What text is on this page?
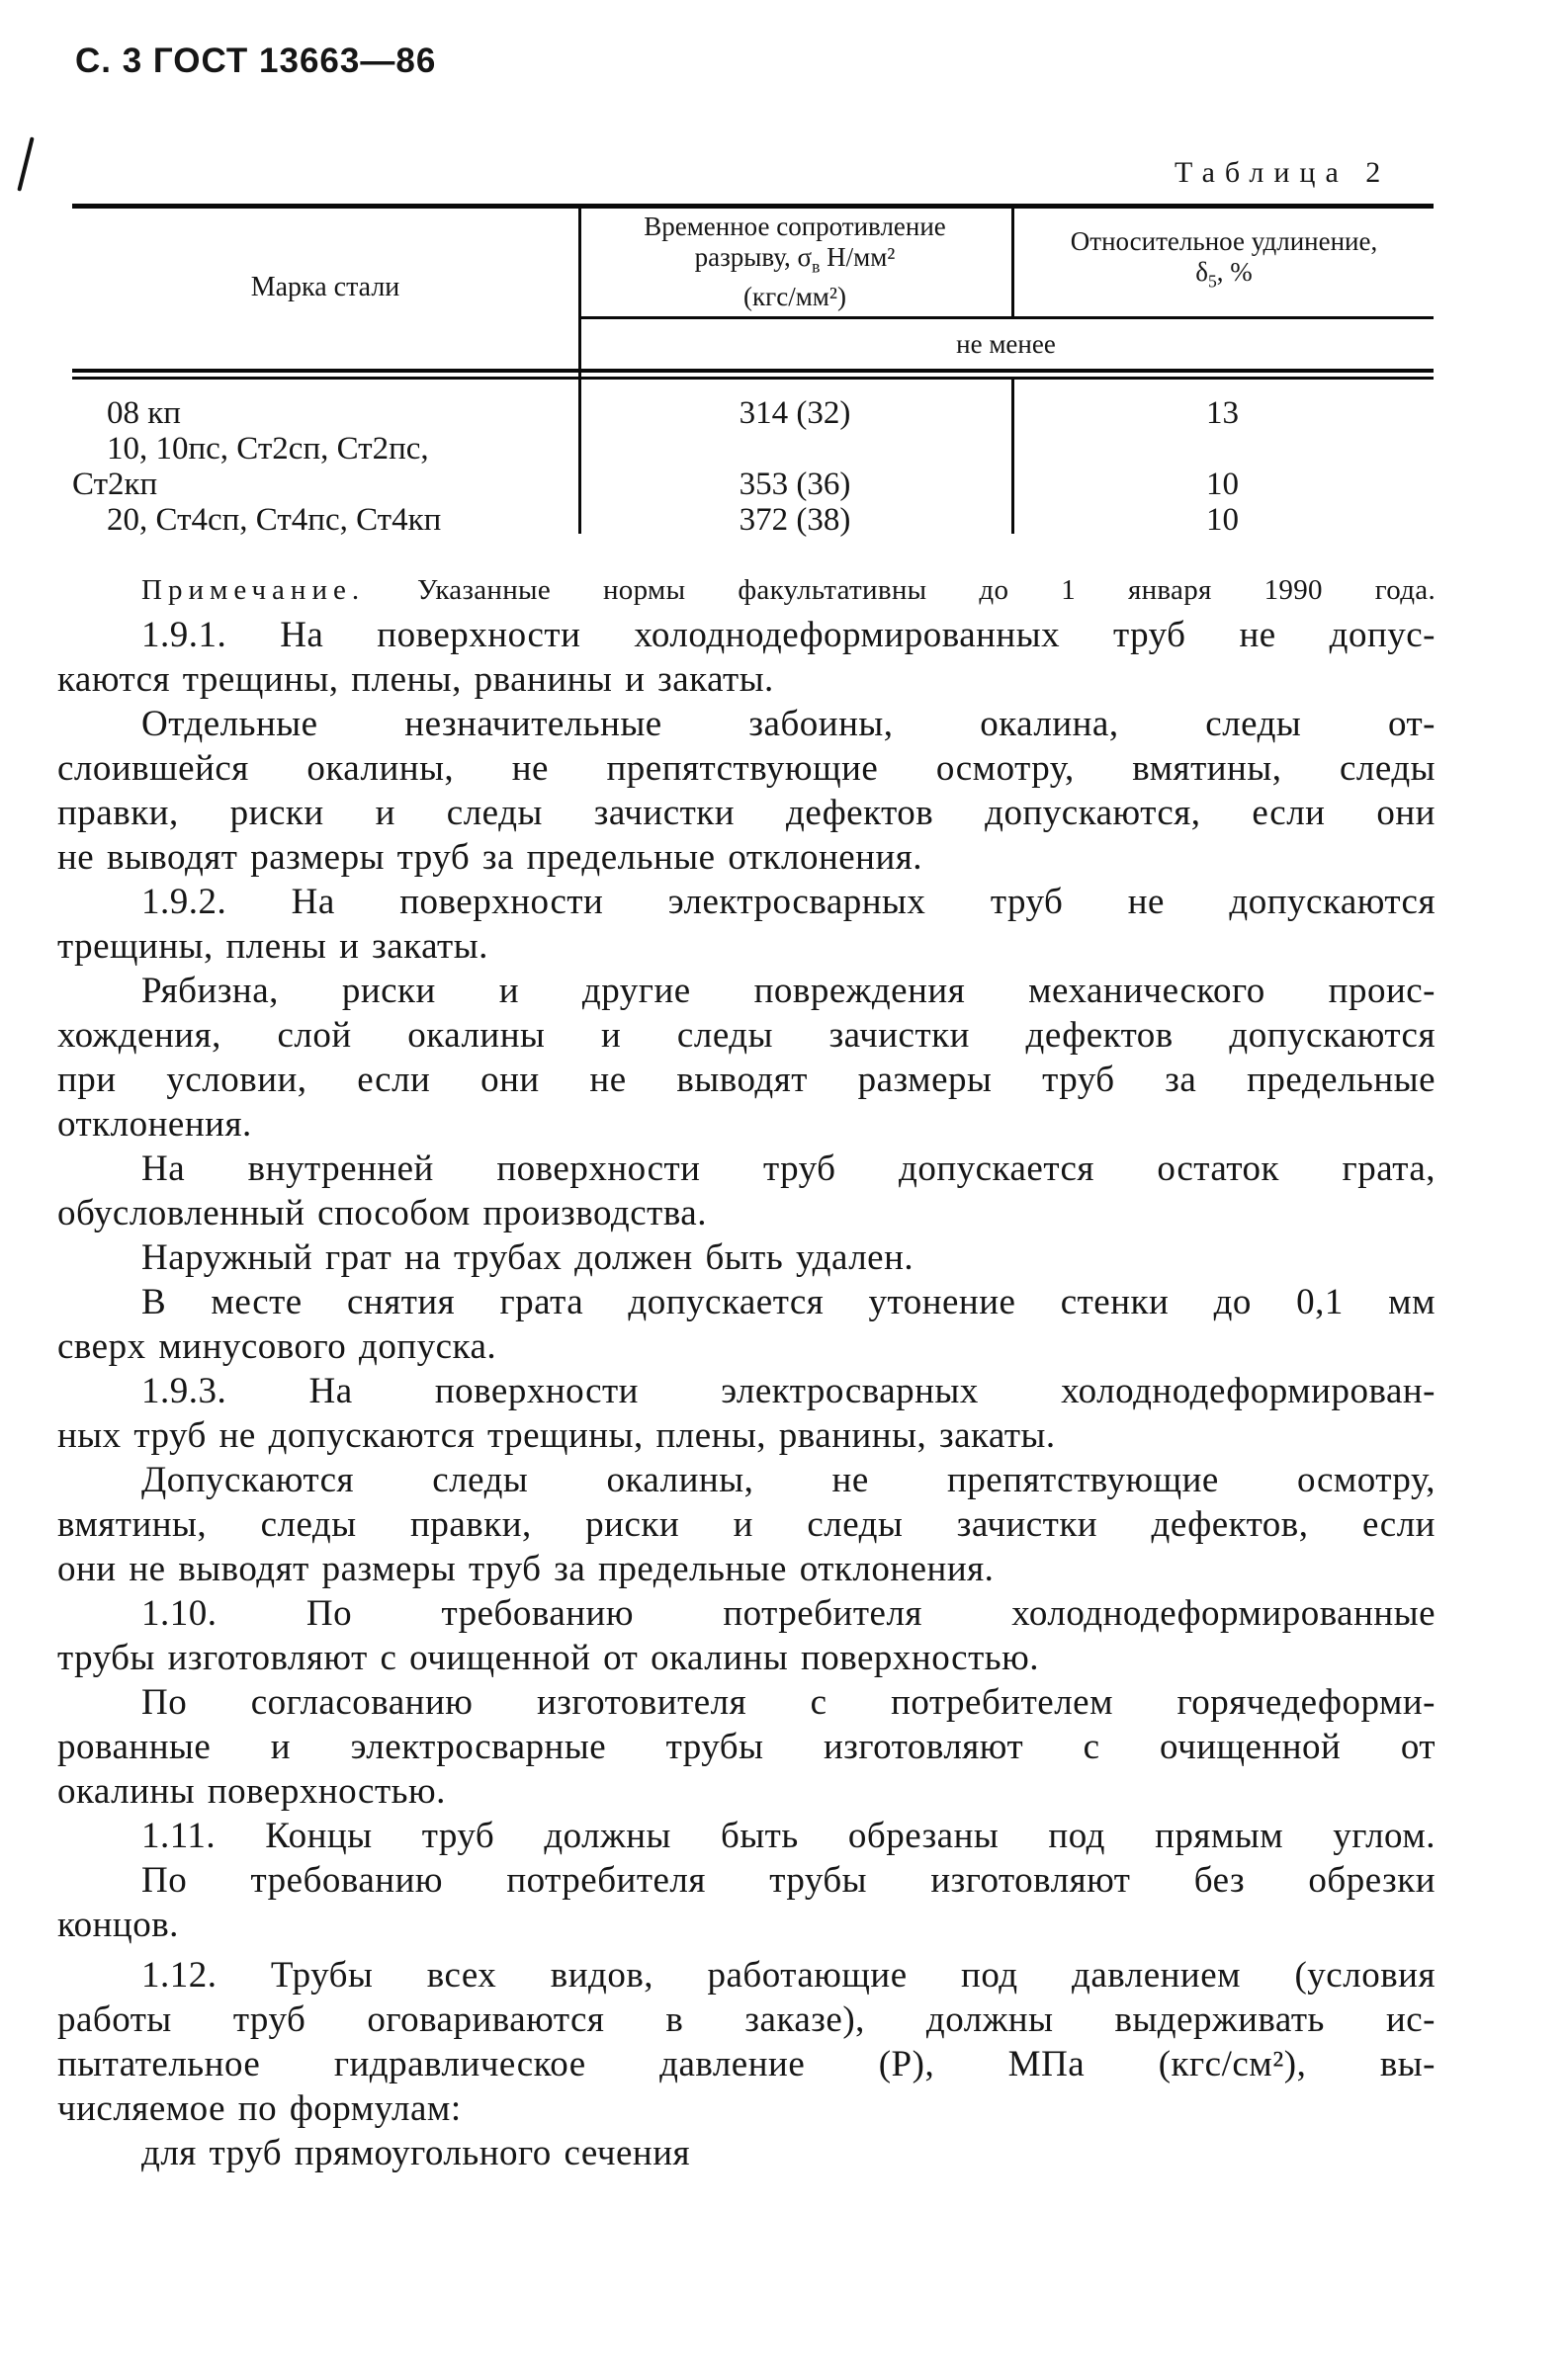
С. 3 ГОСТ 13663—86
Таблица 2
Марка стали
Временное сопротивление
разрыву, $\sigma_в$ Н/мм²
(кгс/мм²)
Относительное удлинение,
$\delta_5$, %
не менее
08 кп	314 (32)	13
10, 10пс, Ст2сп, Ст2пс,
Ст2кп	353 (36)	10
20, Ст4сп, Ст4пс, Ст4кп	372 (38)	10
Примечание. Указанные нормы факультативны до 1 января 1990 года.
1.9.1. На поверхности холоднодеформированных труб не допус-
каются трещины, плены, рванины и закаты.
Отдельные незначительные забоины, окалина, следы от-
слоившейся окалины, не препятствующие осмотру, вмятины, следы
правки, риски и следы зачистки дефектов допускаются, если они
не выводят размеры труб за предельные отклонения.
1.9.2. На поверхности электросварных труб не допускаются
трещины, плены и закаты.
Рябизна, риски и другие повреждения механического проис-
хождения, слой окалины и следы зачистки дефектов допускаются
при условии, если они не выводят размеры труб за предельные
отклонения.
На внутренней поверхности труб допускается остаток грата,
обусловленный способом производства.
Наружный грат на трубах должен быть удален.
В месте снятия грата допускается утонение стенки до 0,1 мм
сверх минусового допуска.
1.9.3. На поверхности электросварных холоднодеформирован-
ных труб не допускаются трещины, плены, рванины, закаты.
Допускаются следы окалины, не препятствующие осмотру,
вмятины, следы правки, риски и следы зачистки дефектов, если
они не выводят размеры труб за предельные отклонения.
1.10. По требованию потребителя холоднодеформированные
трубы изготовляют с очищенной от окалины поверхностью.
По согласованию изготовителя с потребителем горячедеформи-
рованные и электросварные трубы изготовляют с очищенной от
окалины поверхностью.
1.11. Концы труб должны быть обрезаны под прямым углом.
По требованию потребителя трубы изготовляют без обрезки
концов.
1.12. Трубы всех видов, работающие под давлением (условия
работы труб оговариваются в заказе), должны выдерживать ис-
пытательное гидравлическое давление (Р), МПа (кгс/см²), вы-
числяемое по формулам:
для труб прямоугольного сечения
